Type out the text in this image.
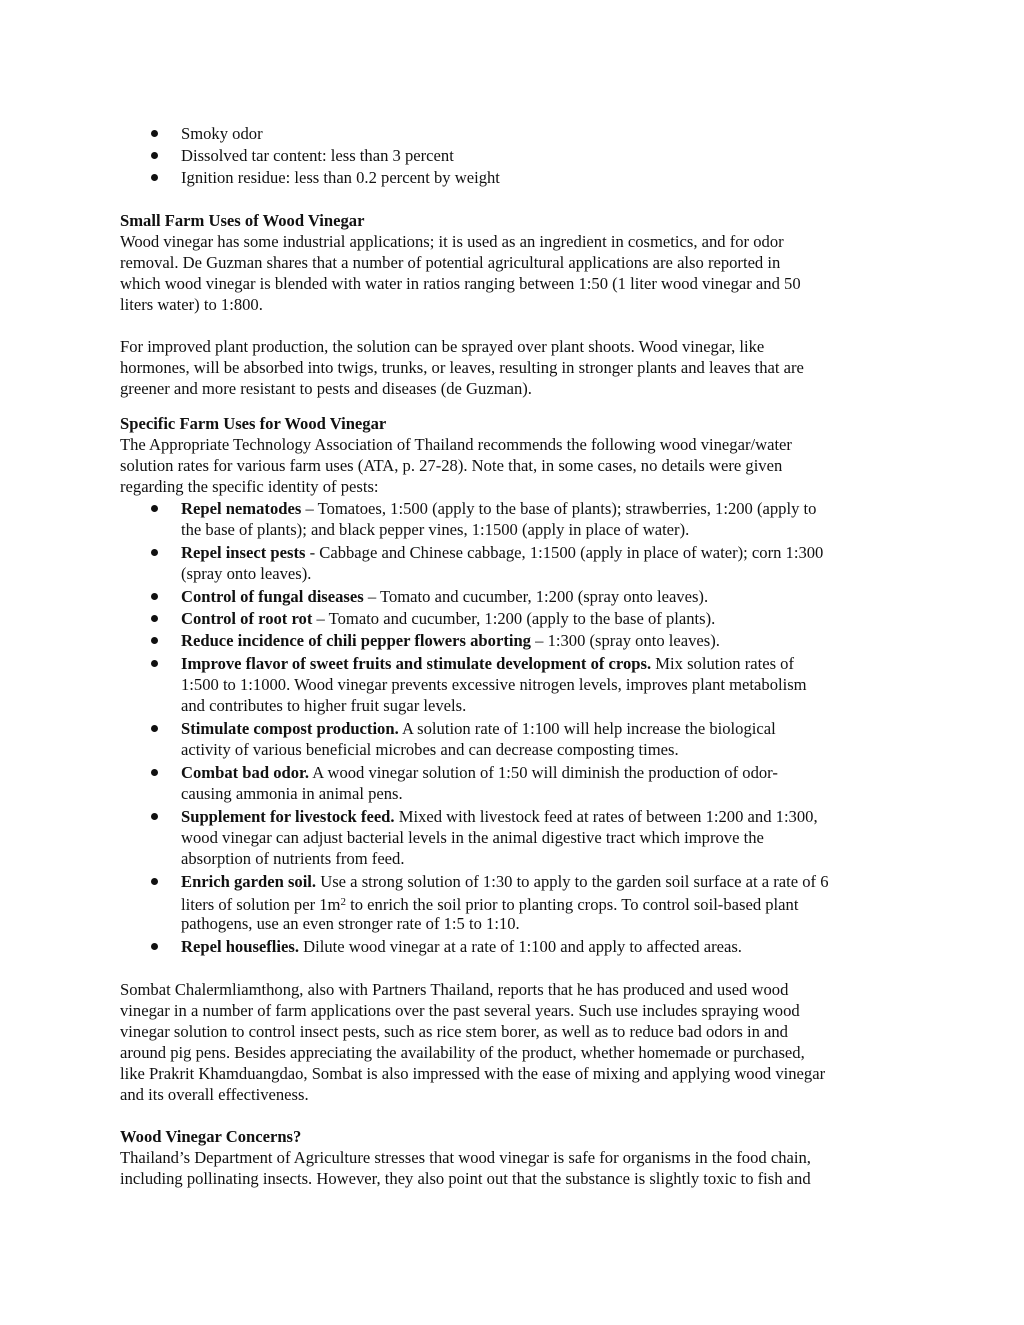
Smoky odor
Dissolved tar content: less than 3 percent
Ignition residue: less than 0.2 percent by weight
Small Farm Uses of Wood Vinegar
Wood vinegar has some industrial applications; it is used as an ingredient in cosmetics, and for odor
removal. De Guzman shares that a number of potential agricultural applications are also reported in
which wood vinegar is blended with water in ratios ranging between 1:50 (1 liter wood vinegar and 50
liters water) to 1:800.
For improved plant production, the solution can be sprayed over plant shoots. Wood vinegar, like
hormones, will be absorbed into twigs, trunks, or leaves, resulting in stronger plants and leaves that are
greener and more resistant to pests and diseases (de Guzman).
Specific Farm Uses for Wood Vinegar
The Appropriate Technology Association of Thailand recommends the following wood vinegar/water
solution rates for various farm uses (ATA, p. 27-28). Note that, in some cases, no details were given
regarding the specific identity of pests:
Repel nematodes – Tomatoes, 1:500 (apply to the base of plants); strawberries, 1:200 (apply to
the base of plants); and black pepper vines, 1:1500 (apply in place of water).
Repel insect pests - Cabbage and Chinese cabbage, 1:1500 (apply in place of water); corn 1:300
(spray onto leaves).
Control of fungal diseases – Tomato and cucumber, 1:200 (spray onto leaves).
Control of root rot – Tomato and cucumber, 1:200 (apply to the base of plants).
Reduce incidence of chili pepper flowers aborting – 1:300 (spray onto leaves).
Improve flavor of sweet fruits and stimulate development of crops. Mix solution rates of
1:500 to 1:1000. Wood vinegar prevents excessive nitrogen levels, improves plant metabolism
and contributes to higher fruit sugar levels.
Stimulate compost production. A solution rate of 1:100 will help increase the biological
activity of various beneficial microbes and can decrease composting times.
Combat bad odor. A wood vinegar solution of 1:50 will diminish the production of odor-
causing ammonia in animal pens.
Supplement for livestock feed. Mixed with livestock feed at rates of between 1:200 and 1:300,
wood vinegar can adjust bacterial levels in the animal digestive tract which improve the
absorption of nutrients from feed.
Enrich garden soil. Use a strong solution of 1:30 to apply to the garden soil surface at a rate of 6
liters of solution per $1m^2$ to enrich the soil prior to planting crops. To control soil-based plant
pathogens, use an even stronger rate of 1:5 to 1:10.
Repel houseflies. Dilute wood vinegar at a rate of 1:100 and apply to affected areas.
Sombat Chalermliamthong, also with Partners Thailand, reports that he has produced and used wood
vinegar in a number of farm applications over the past several years. Such use includes spraying wood
vinegar solution to control insect pests, such as rice stem borer, as well as to reduce bad odors in and
around pig pens. Besides appreciating the availability of the product, whether homemade or purchased,
like Prakrit Khamduangdao, Sombat is also impressed with the ease of mixing and applying wood vinegar
and its overall effectiveness.
Wood Vinegar Concerns?
Thailand’s Department of Agriculture stresses that wood vinegar is safe for organisms in the food chain,
including pollinating insects. However, they also point out that the substance is slightly toxic to fish and
